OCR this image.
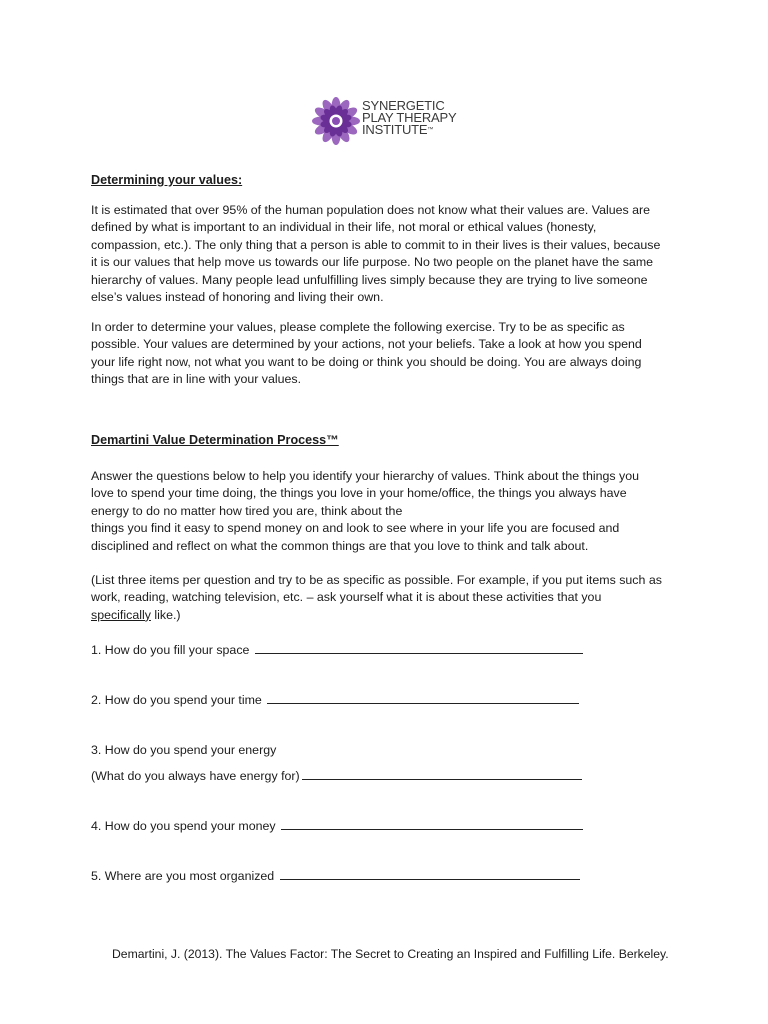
SYNERGETIC
PLAY THERAPY
INSTITUTE™
Determining your values:
It is estimated that over 95% of the human population does not know what their values are. Values are
defined by what is important to an individual in their life, not moral or ethical values (honesty,
compassion, etc.). The only thing that a person is able to commit to in their lives is their values, because
it is our values that help move us towards our life purpose. No two people on the planet have the same
hierarchy of values. Many people lead unfulfilling lives simply because they are trying to live someone
else’s values instead of honoring and living their own.
In order to determine your values, please complete the following exercise. Try to be as specific as
possible. Your values are determined by your actions, not your beliefs. Take a look at how you spend
your life right now, not what you want to be doing or think you should be doing. You are always doing
things that are in line with your values.
Demartini Value Determination Process™
Answer the questions below to help you identify your hierarchy of values. Think about the things you
love to spend your time doing, the things you love in your home/office, the things you always have
energy to do no matter how tired you are, think about the
things you find it easy to spend money on and look to see where in your life you are focused and
disciplined and reflect on what the common things are that you love to think and talk about.
(List three items per question and try to be as specific as possible. For example, if you put items such as
work, reading, watching television, etc. – ask yourself what it is about these activities that you
specifically like.)
1. How do you fill your space
2. How do you spend your time
3. How do you spend your energy
(What do you always have energy for)
4. How do you spend your money
5. Where are you most organized
Demartini, J. (2013). The Values Factor: The Secret to Creating an Inspired and Fulfilling Life. Berkeley.
